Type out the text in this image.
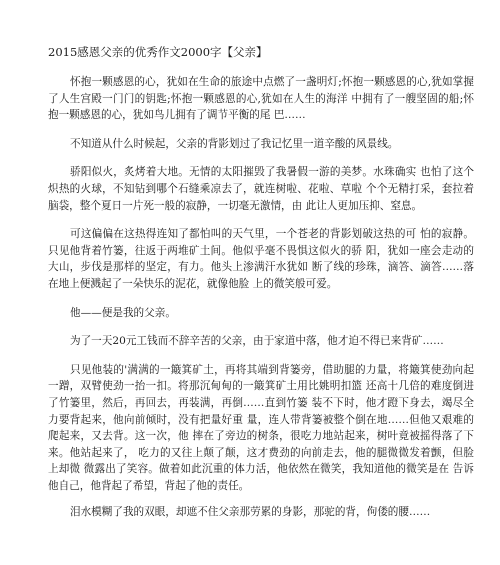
2015感恩父亲的优秀作文2000字【父亲】

怀抱一颗感恩的心，犹如在生命的旅途中点燃了一盏明灯;怀抱一颗感恩的心,犹如掌握了人生宫殿一门门的钥匙;怀抱一颗感恩的心,犹如在人生的海洋 中拥有了一艘坚固的船;怀抱一颗感恩的心，犹如鸟儿拥有了调节平衡的尾 巴……

不知道从什么时候起，父亲的背影划过了我记忆里一道辛酸的风景线。

骄阳似火，炙烤着大地。无情的太阳摧毁了我暑假一游的美梦。水珠确实 也怕了这个炽热的火球，不知钻到哪个石缝乘凉去了，就连树啦、花啦、草啦 个个无精打采，套拉着脑袋，整个夏日一片死一般的寂静，一切毫无激情，由 此让人更加压抑、窒息。

可这偏偏在这热得连知了都怕叫的天气里，一个苍老的背影划破这热的可 怕的寂静。只见他背着竹篓，往返于两堆矿土间。他似乎毫不畏惧这似火的骄 阳，犹如一座会走动的大山，步伐是那样的坚定，有力。他头上渗满汗水犹如 断了线的珍珠，滴答、滴答……落在地上便溅起了一朵快乐的泥花，就像他脸 上的微笑般可爱。

他——便是我的父亲。

为了一天20元工钱而不辞辛苦的父亲，由于家道中落，他才迫不得已来背矿……

只见他装的'满满的一簸箕矿土，再将其端到背篓旁，借助腿的力量，将簸箕使劲向起一蹭，双臂使劲一抬一扣。将那沉甸甸的一簸箕矿土用比姚明扣篮 还高十几倍的难度倒进了竹篓里，然后，再回去，再装满，再倒……直到竹篓 装不下时，他才蹬下身去，竭尽全力要背起来，他向前倾时，没有把量好重 量，连人带背篓被整个倒在地……但他又艰难的爬起来，又去背。这一次，他 摔在了旁边的树条，很吃力地站起来，树叶竟被摇得落了下来。他站起来了， 吃力的又往上颠了颠，这才费劲的向前走去，他的腿微微发着颤，但脸上却微 微露出了笑容。做着如此沉重的体力活，他依然在微笑，我知道他的微笑是在 告诉他自己，他背起了希望，背起了他的责任。

泪水模糊了我的双眼，却遮不住父亲那劳累的身影，那驼的背，佝偻的腰……
